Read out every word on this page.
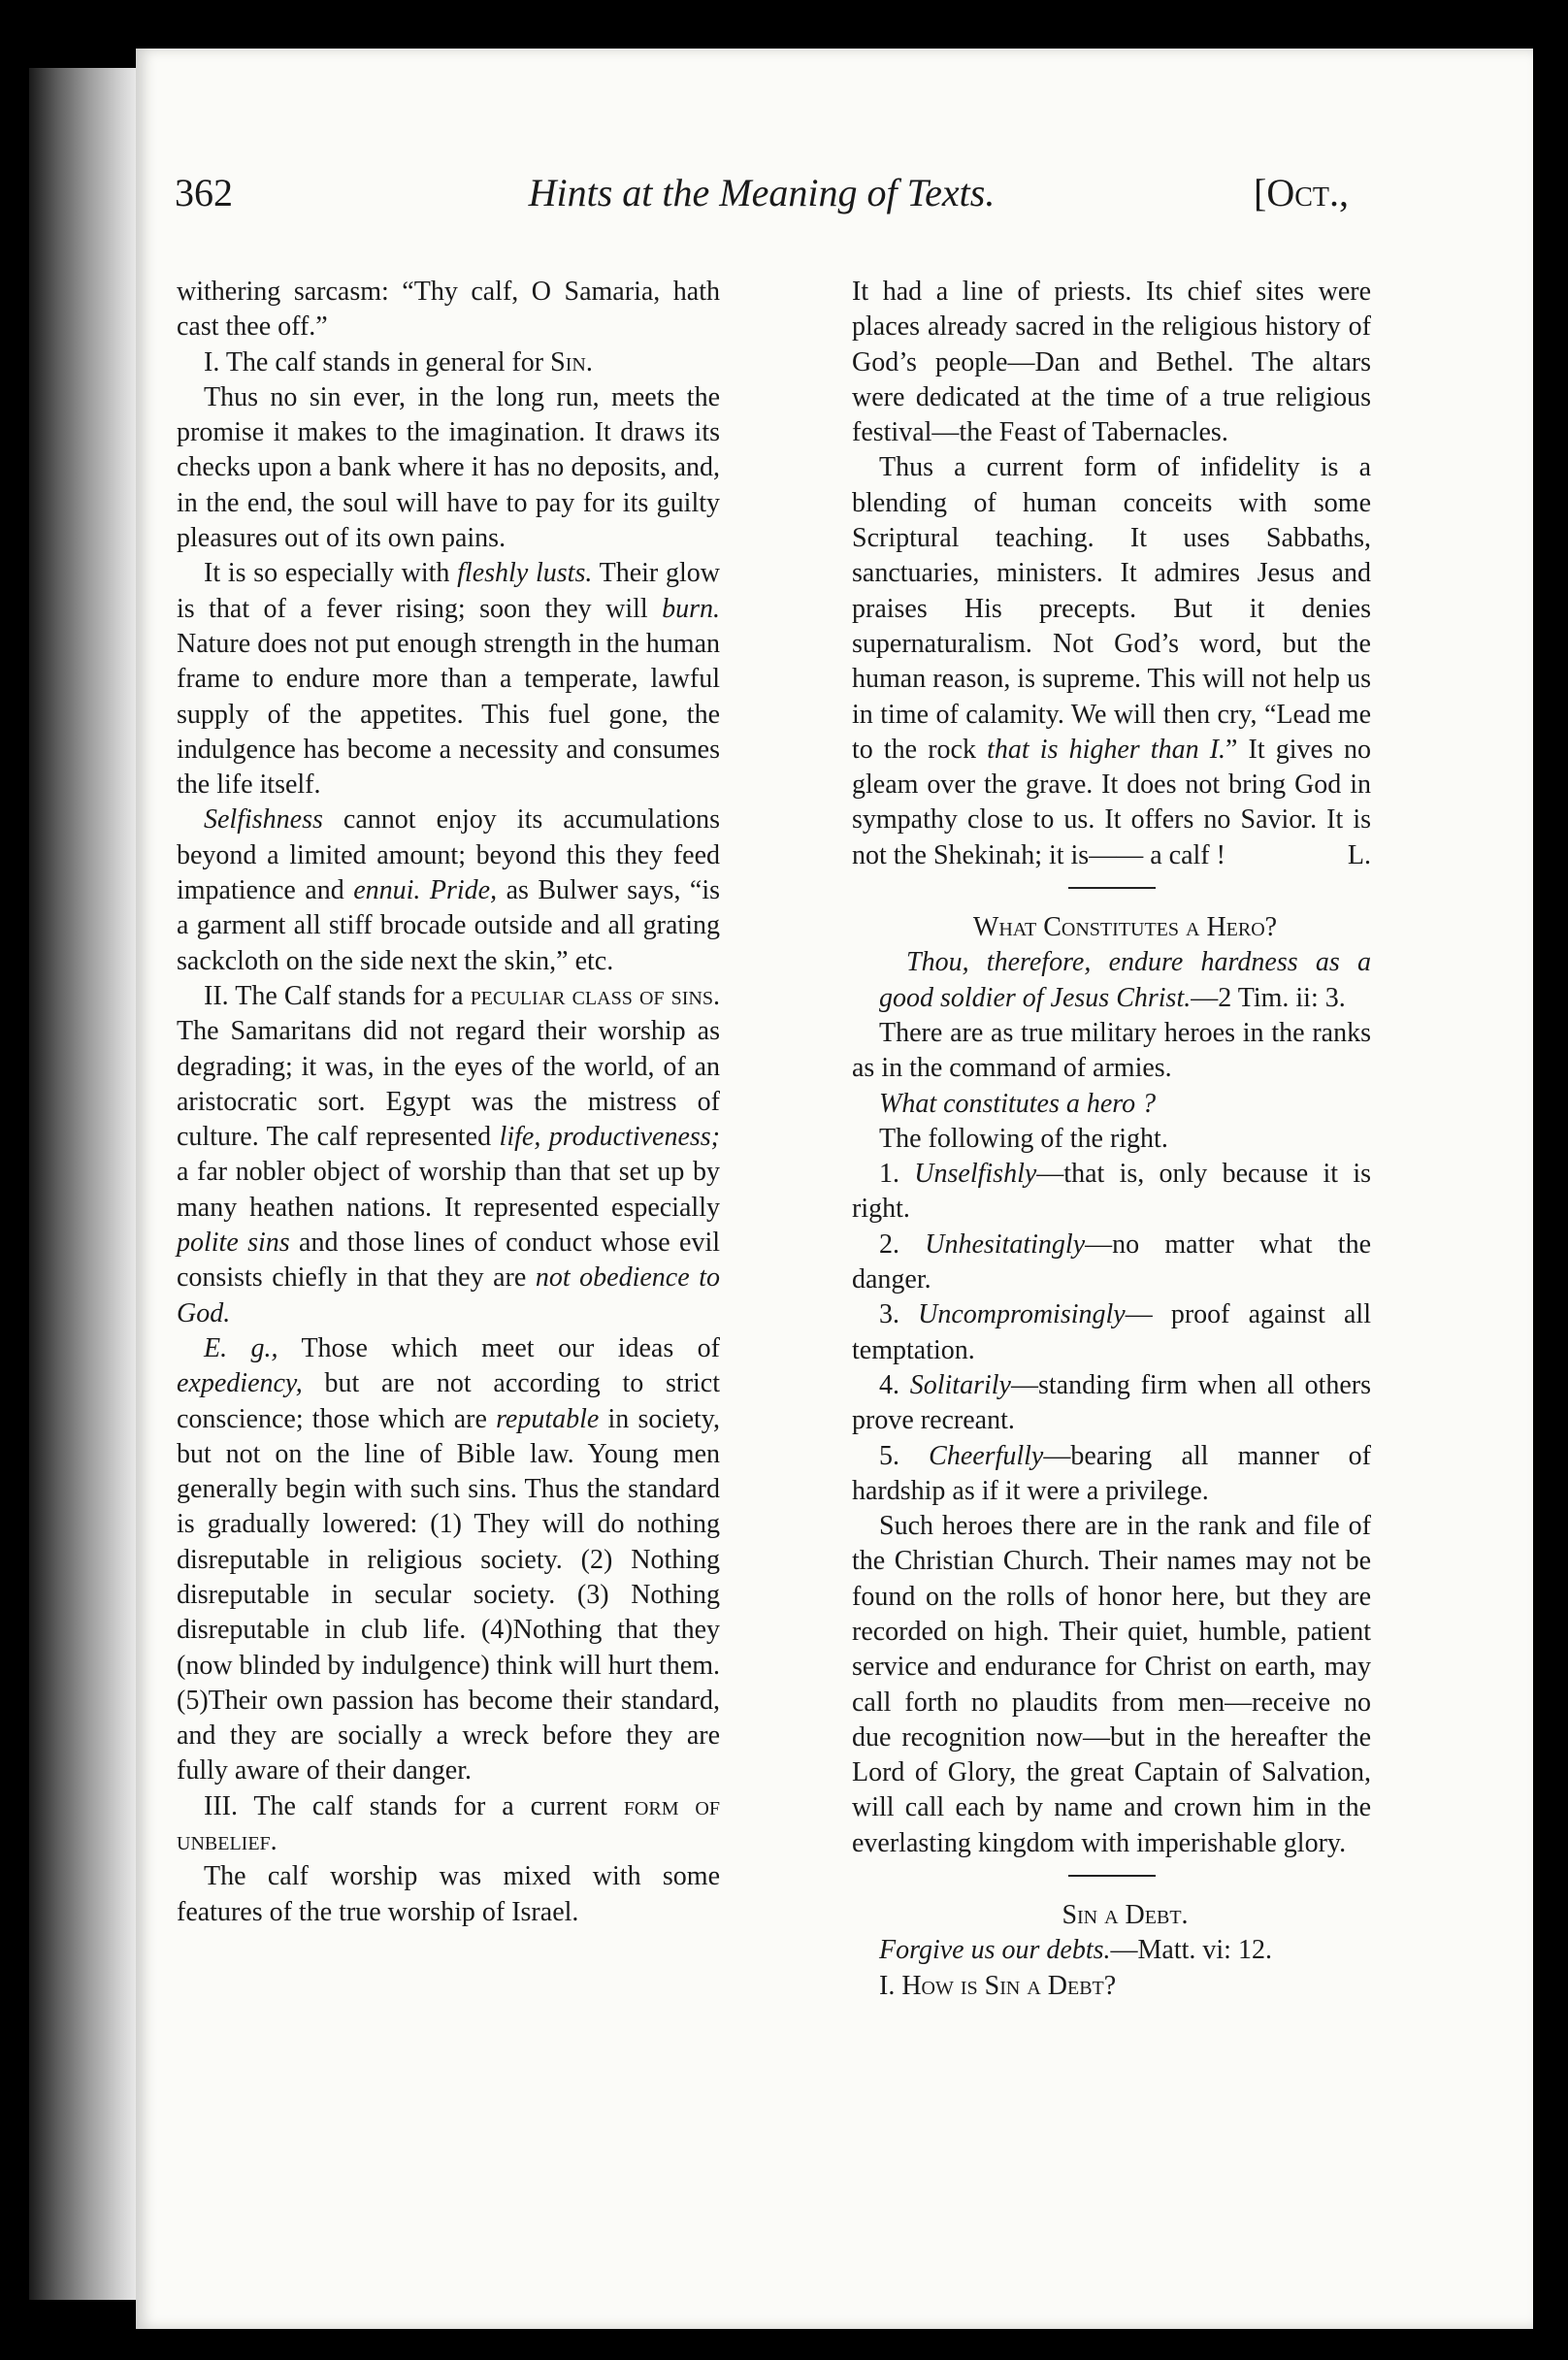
362	Hints at the Meaning of Texts.	[Oct.,

withering sarcasm: “Thy calf, O Samaria, hath cast thee off.”

I. The calf stands in general for Sin.

Thus no sin ever, in the long run, meets the promise it makes to the imagination. It draws its checks upon a bank where it has no deposits, and, in the end, the soul will have to pay for its guilty pleasures out of its own pains.

It is so especially with fleshly lusts. Their glow is that of a fever rising; soon they will burn. Nature does not put enough strength in the human frame to endure more than a temperate, lawful supply of the appetites. This fuel gone, the indulgence has become a necessity and consumes the life itself.

Selfishness cannot enjoy its accumulations beyond a limited amount; beyond this they feed impatience and ennui. Pride, as Bulwer says, “is a garment all stiff brocade outside and all grating sackcloth on the side next the skin,” etc.

II. The Calf stands for a peculiar class of sins. The Samaritans did not regard their worship as degrading; it was, in the eyes of the world, of an aristocratic sort. Egypt was the mistress of culture. The calf represented life, productiveness; a far nobler object of worship than that set up by many heathen nations. It represented especially polite sins and those lines of conduct whose evil consists chiefly in that they are not obedience to God.

E. g., Those which meet our ideas of expediency, but are not according to strict conscience; those which are reputable in society, but not on the line of Bible law. Young men generally begin with such sins. Thus the standard is gradually lowered: (1) They will do nothing disreputable in religious society. (2) Nothing disreputable in secular society. (3) Nothing disreputable in club life. (4)Nothing that they (now blinded by indulgence) think will hurt them. (5)Their own passion has become their standard, and they are socially a wreck before they are fully aware of their danger.

III. The calf stands for a current form of unbelief.

The calf worship was mixed with some features of the true worship of Israel.

It had a line of priests. Its chief sites were places already sacred in the religious history of God’s people—Dan and Bethel. The altars were dedicated at the time of a true religious festival—the Feast of Tabernacles.

Thus a current form of infidelity is a blending of human conceits with some Scriptural teaching. It uses Sabbaths, sanctuaries, ministers. It admires Jesus and praises His precepts. But it denies supernaturalism. Not God’s word, but the human reason, is supreme. This will not help us in time of calamity. We will then cry, “Lead me to the rock that is higher than I.” It gives no gleam over the grave. It does not bring God in sympathy close to us. It offers no Savior. It is not the Shekinah; it is—— a calf !	L.

What Constitutes a Hero?

Thou, therefore, endure hardness as a good soldier of Jesus Christ.—2 Tim. ii: 3.

There are as true military heroes in the ranks as in the command of armies.

What constitutes a hero ?

The following of the right.

1. Unselfishly—that is, only because it is right.

2. Unhesitatingly—no matter what the danger.

3. Uncompromisingly— proof against all temptation.

4. Solitarily—standing firm when all others prove recreant.

5. Cheerfully—bearing all manner of hardship as if it were a privilege.

Such heroes there are in the rank and file of the Christian Church. Their names may not be found on the rolls of honor here, but they are recorded on high. Their quiet, humble, patient service and endurance for Christ on earth, may call forth no plaudits from men—receive no due recognition now—but in the hereafter the Lord of Glory, the great Captain of Salvation, will call each by name and crown him in the everlasting kingdom with imperishable glory.

Sin a Debt.

Forgive us our debts.—Matt. vi: 12.

I. How is Sin a Debt?
